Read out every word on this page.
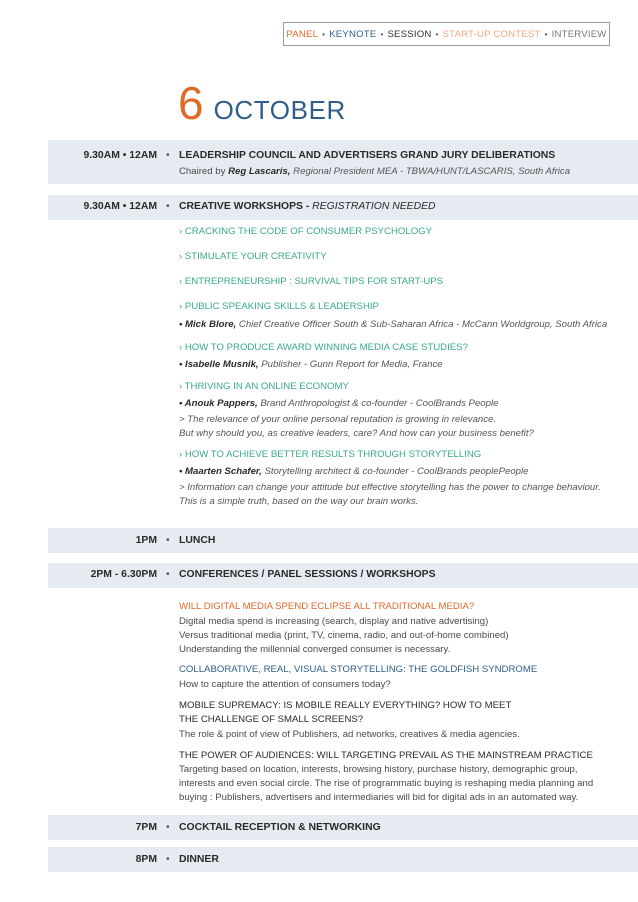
PANEL • KEYNOTE • SESSION • START-UP CONTEST • INTERVIEW
6 OCTOBER
9.30AM • 12AM • LEADERSHIP COUNCIL AND ADVERTISERS GRAND JURY DELIBERATIONS
Chaired by Reg Lascaris, Regional President MEA - TBWA/HUNT/LASCARIS, South Africa
9.30AM • 12AM • CREATIVE WORKSHOPS - REGISTRATION NEEDED
› CRACKING THE CODE OF CONSUMER PSYCHOLOGY
› STIMULATE YOUR CREATIVITY
› ENTREPRENEURSHIP : SURVIVAL TIPS FOR START-UPS
› PUBLIC SPEAKING SKILLS & LEADERSHIP
• Mick Blore, Chief Creative Officer South & Sub-Saharan Africa - McCann Worldgroup, South Africa
› HOW TO PRODUCE AWARD WINNING MEDIA CASE STUDIES?
• Isabelle Musnik, Publisher - Gunn Report for Media, France
› THRIVING IN AN ONLINE ECONOMY
• Anouk Pappers, Brand Anthropologist & co-founder - CoolBrands People
> The relevance of your online personal reputation is growing in relevance.
But why should you, as creative leaders, care? And how can your business benefit?
› HOW TO ACHIEVE BETTER RESULTS THROUGH STORYTELLING
• Maarten Schafer, Storytelling architect & co-founder - CoolBrands peoplePeople
> Information can change your attitude but effective storytelling has the power to change behaviour.
This is a simple truth, based on the way our brain works.
1PM • LUNCH
2PM - 6.30PM • CONFERENCES / PANEL SESSIONS / WORKSHOPS
WILL DIGITAL MEDIA SPEND ECLIPSE ALL TRADITIONAL MEDIA?
Digital media spend is increasing (search, display and native advertising)
Versus traditional media (print, TV, cinema, radio, and out-of-home combined)
Understanding the millennial converged consumer is necessary.
COLLABORATIVE, REAL, VISUAL STORYTELLING: THE GOLDFISH SYNDROME
How to capture the attention of consumers today?
MOBILE SUPREMACY: IS MOBILE REALLY EVERYTHING? HOW TO MEET
THE CHALLENGE OF SMALL SCREENS?
The role & point of view of Publishers, ad networks, creatives & media agencies.
THE POWER OF AUDIENCES: WILL TARGETING PREVAIL AS THE MAINSTREAM PRACTICE
Targeting based on location, interests, browsing history, purchase history, demographic group,
interests and even social circle. The rise of programmatic buying is reshaping media planning and
buying : Publishers, advertisers and intermediaries will bid for digital ads in an automated way.
7PM • COCKTAIL RECEPTION & NETWORKING
8PM • DINNER
